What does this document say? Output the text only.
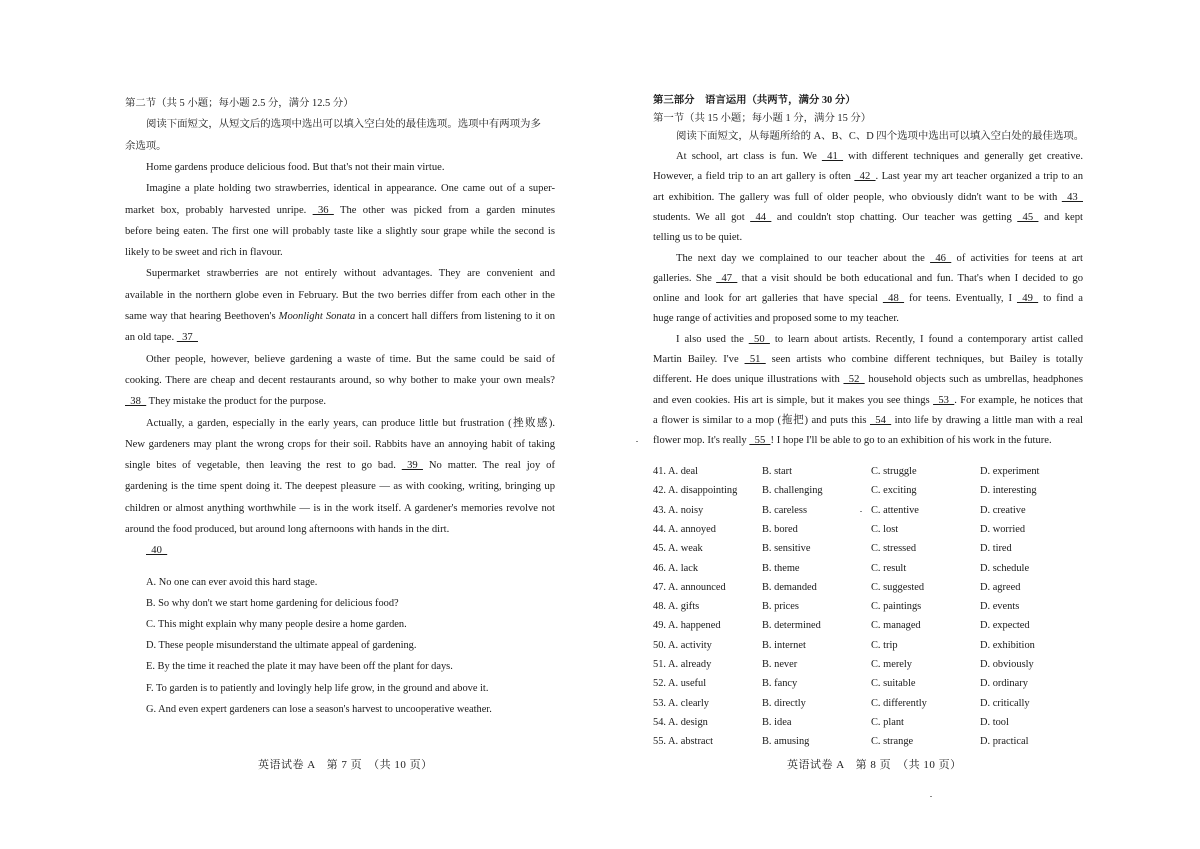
第二节（共 5 小题；每小题 2.5 分，满分 12.5 分）
阅读下面短文，从短文后的选项中选出可以填入空白处的最佳选项。选项中有两项为多
余选项。
Home gardens produce delicious food. But that's not their main virtue.
Imagine a plate holding two strawberries, identical in appearance. One came out of a super-
market box, probably harvested unripe.  36  The other was picked from a garden minutes
before being eaten. The first one will probably taste like a slightly sour grape while the second is
likely to be sweet and rich in flavour.
Supermarket strawberries are not entirely without advantages. They are convenient and
available in the northern globe even in February. But the two berries differ from each other in the
same way that hearing Beethoven's Moonlight Sonata in a concert hall differs from listening to it on
an old tape.  37 
Other people, however, believe gardening a waste of time. But the same could be said of
cooking. There are cheap and decent restaurants around, so why bother to make your own meals?
 38  They mistake the product for the purpose.
Actually, a garden, especially in the early years, can produce little but frustration (挫败感).
New gardeners may plant the wrong crops for their soil. Rabbits have an annoying habit of taking
single bites of vegetable, then leaving the rest to go bad.  39  No matter. The real joy of
gardening is the time spent doing it. The deepest pleasure — as with cooking, writing, bringing up
children or almost anything worthwhile — is in the work itself. A gardener's memories revolve not
around the food produced, but around long afternoons with hands in the dirt.
 40 
A. No one can ever avoid this hard stage.
B. So why don't we start home gardening for delicious food?
C. This might explain why many people desire a home garden.
D. These people misunderstand the ultimate appeal of gardening.
E. By the time it reached the plate it may have been off the plant for days.
F. To garden is to patiently and lovingly help life grow, in the ground and above it.
G. And even expert gardeners can lose a season's harvest to uncooperative weather.
第三部分　语言运用（共两节，满分 30 分）
第一节（共 15 小题；每小题 1 分，满分 15 分）
阅读下面短文，从每题所给的 A、B、C、D 四个选项中选出可以填入空白处的最佳选项。
At school, art class is fun. We  41  with different techniques and generally get creative.
However, a field trip to an art gallery is often  42 . Last year my art teacher organized a trip to an
art exhibition. The gallery was full of older people, who obviously didn't want to be with  43 
students. We all got  44  and couldn't stop chatting. Our teacher was getting  45  and kept
telling us to be quiet.
The next day we complained to our teacher about the  46  of activities for teens at art
galleries. She  47  that a visit should be both educational and fun. That's when I decided to go
online and look for art galleries that have special  48  for teens. Eventually, I  49  to find a
huge range of activities and proposed some to my teacher.
I also used the  50  to learn about artists. Recently, I found a contemporary artist called
Martin Bailey. I've  51  seen artists who combine different techniques, but Bailey is totally
different. He does unique illustrations with  52  household objects such as umbrellas, headphones
and even cookies. His art is simple, but it makes you see things  53 . For example, he notices that
a flower is similar to a mop (拖把) and puts this  54  into life by drawing a little man with a real
flower mop. It's really  55 ! I hope I'll be able to go to an exhibition of his work in the future.
41. A. deal	B. start	C. struggle	D. experiment
42. A. disappointing B. challenging	C. exciting	D. interesting
43. A. noisy	B. careless	C. attentive	D. creative
44. A. annoyed	B. bored	C. lost	D. worried
45. A. weak	B. sensitive	C. stressed	D. tired
46. A. lack	B. theme	C. result	D. schedule
47. A. announced	B. demanded	C. suggested	D. agreed
48. A. gifts	B. prices	C. paintings	D. events
49. A. happened	B. determined	C. managed	D. expected
50. A. activity	B. internet	C. trip	D. exhibition
51. A. already	B. never	C. merely	D. obviously
52. A. useful	B. fancy	C. suitable	D. ordinary
53. A. clearly	B. directly	C. differently	D. critically
54. A. design	B. idea	C. plant	D. tool
55. A. abstract	B. amusing	C. strange	D. practical
英语试卷 A　第 7 页　（共 10 页）	英语试卷 A　第 8 页　（共 10 页）
